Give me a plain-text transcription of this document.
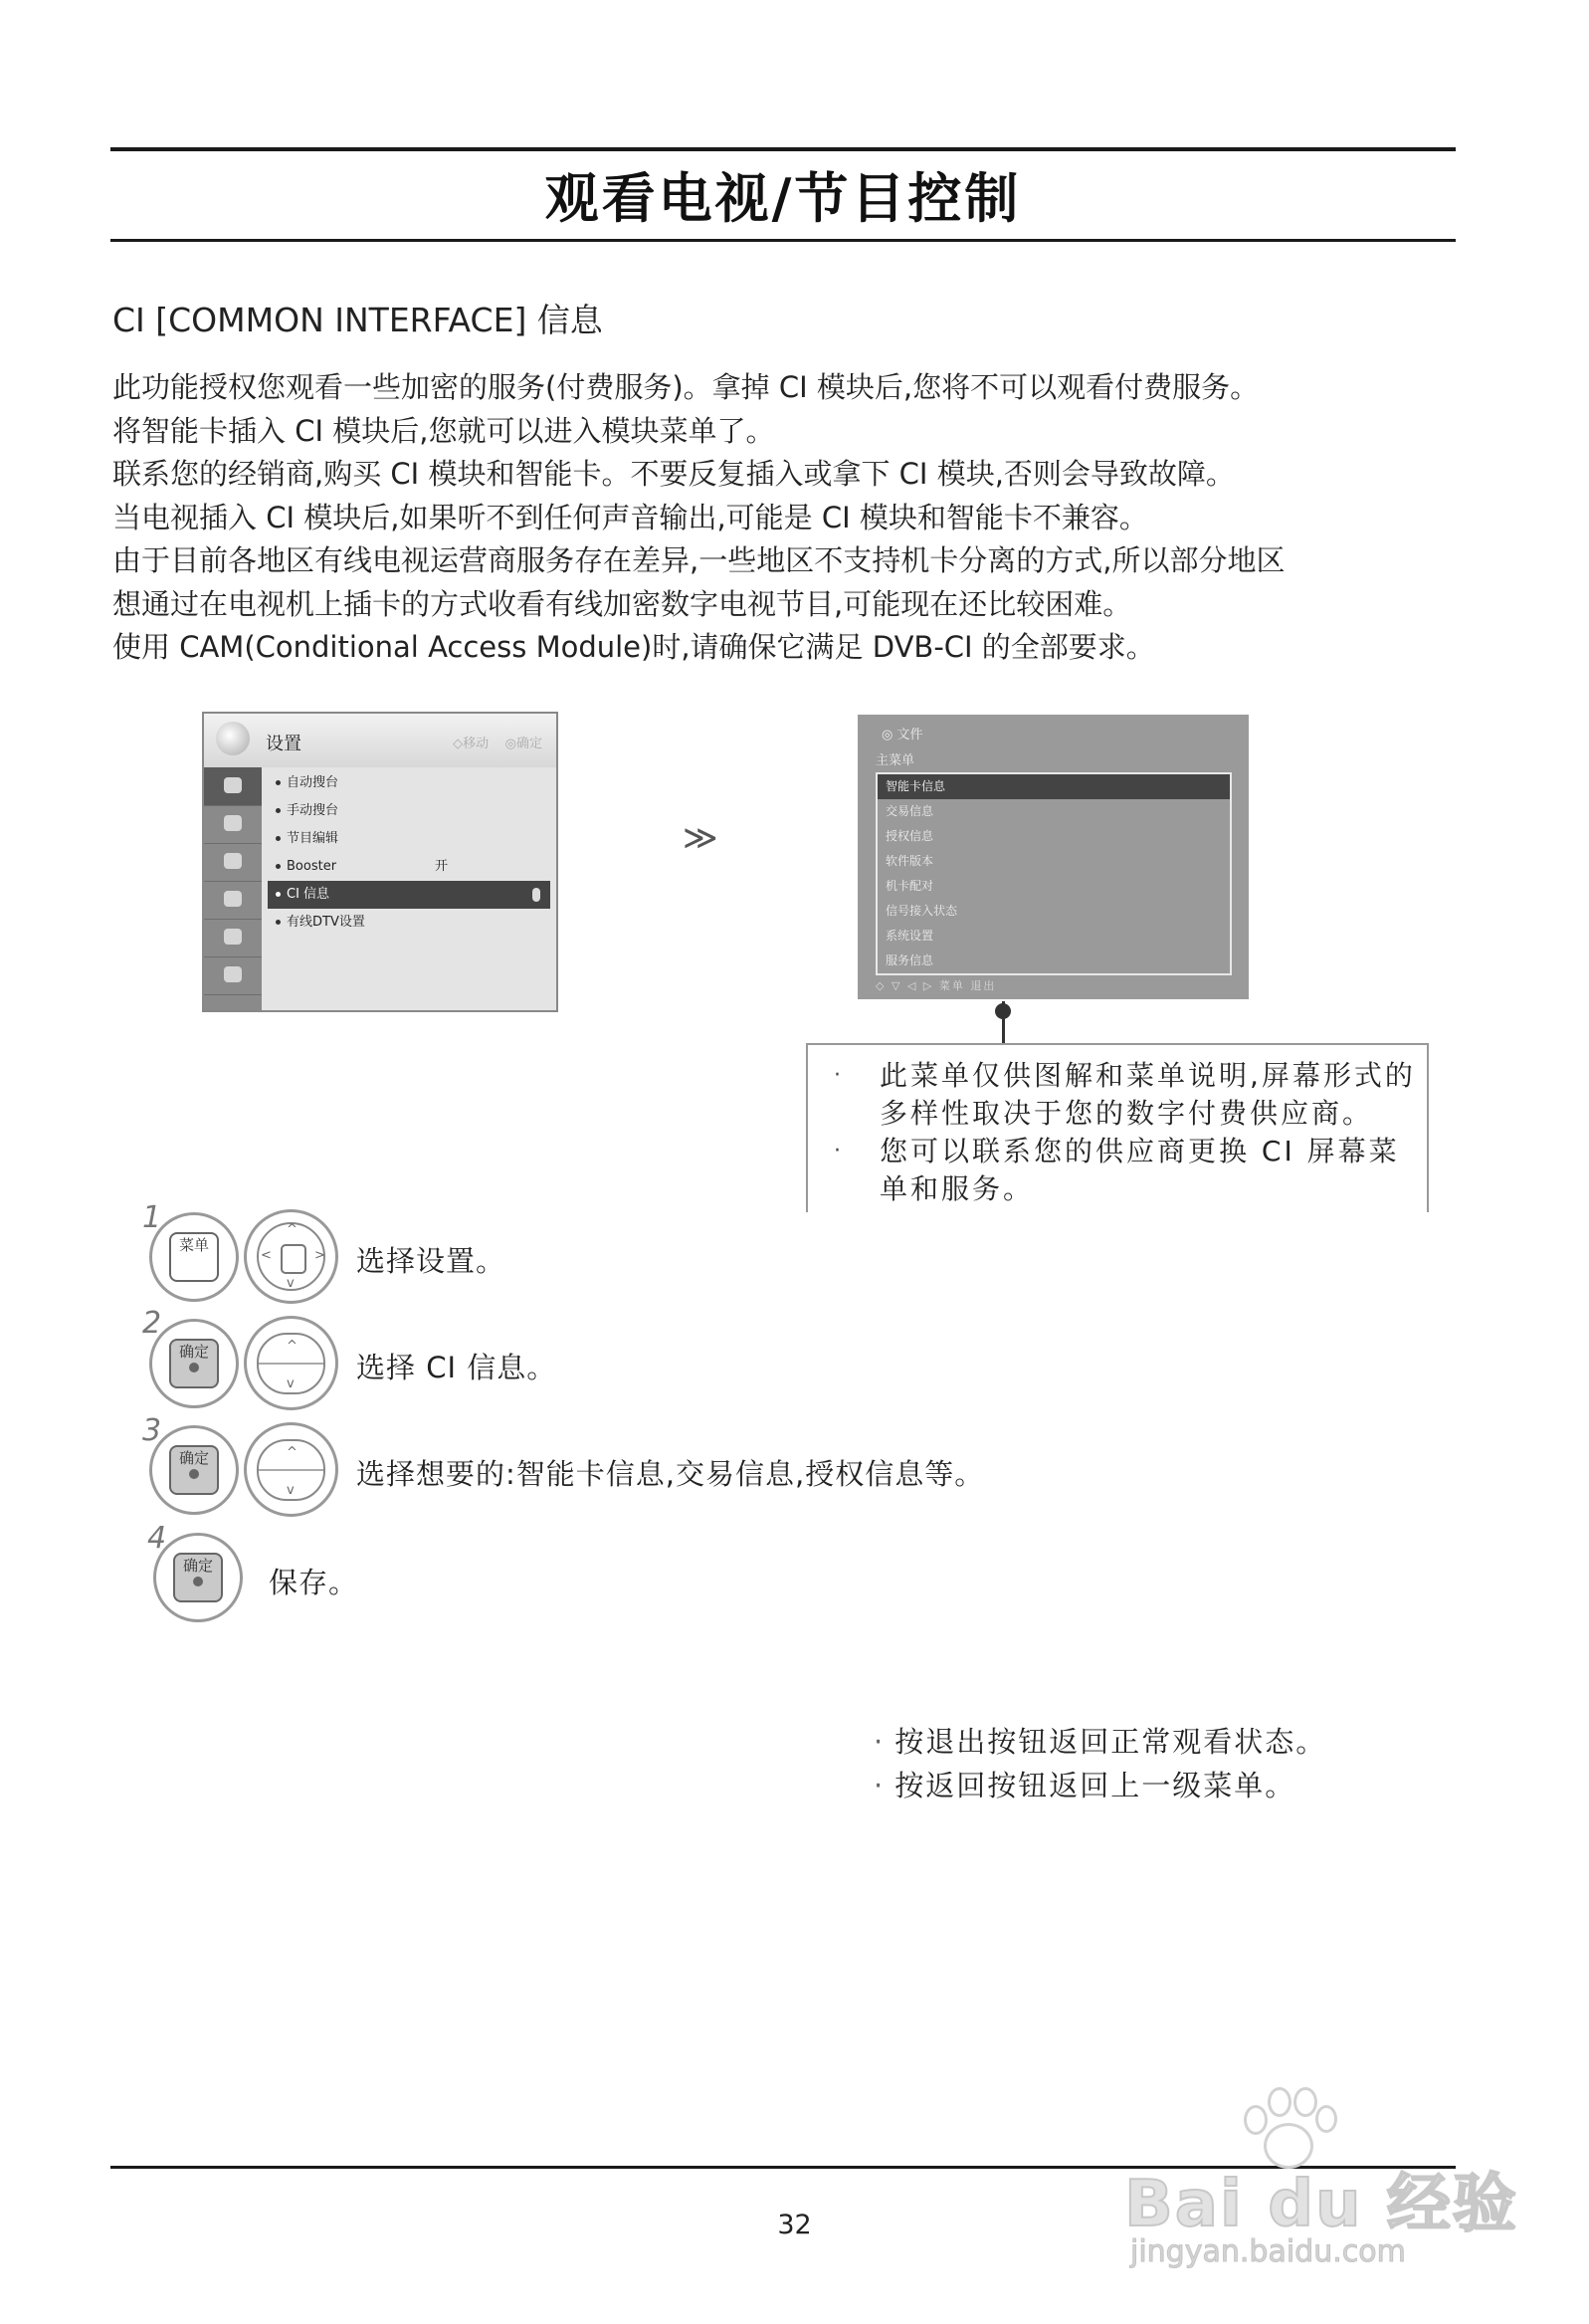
观看电视/节目控制
CI [COMMON INTERFACE] 信息
此功能授权您观看一些加密的服务(付费服务)。拿掉 CI 模块后,您将不可以观看付费服务。
将智能卡插入 CI 模块后,您就可以进入模块菜单了。
联系您的经销商,购买 CI 模块和智能卡。不要反复插入或拿下 CI 模块,否则会导致故障。
当电视插入 CI 模块后,如果听不到任何声音输出,可能是 CI 模块和智能卡不兼容。
由于目前各地区有线电视运营商服务存在差异,一些地区不支持机卡分离的方式,所以部分地区
想通过在电视机上插卡的方式收看有线加密数字电视节目,可能现在还比较困难。
使用 CAM(Conditional Access Module)时,请确保它满足 DVB-CI 的全部要求。
设置	◇移动 ◎确定
自动搜台
手动搜台
节目编辑
Booster	开
CI 信息
有线DTV设置
≫
◎ 文件
主菜单
智能卡信息
交易信息
授权信息
软件版本
机卡配对
信号接入状态
系统设置
服务信息
◇ ▽ ◁ ▷ 菜单 退出
· 此菜单仅供图解和菜单说明,屏幕形式的多样性取决于您的数字付费供应商。
· 您可以联系您的供应商更换 CI 屏幕菜单和服务。
1
菜单
^
v
<	> 选择设置。
2
确定	^
v 选择 CI 信息。
3
确定	^
v 选择想要的:智能卡信息,交易信息,授权信息等。
4
确定	保存。
· 按退出按钮返回正常观看状态。
· 按返回按钮返回上一级菜单。
32	Bai du 经验
jingyan.baidu.com
